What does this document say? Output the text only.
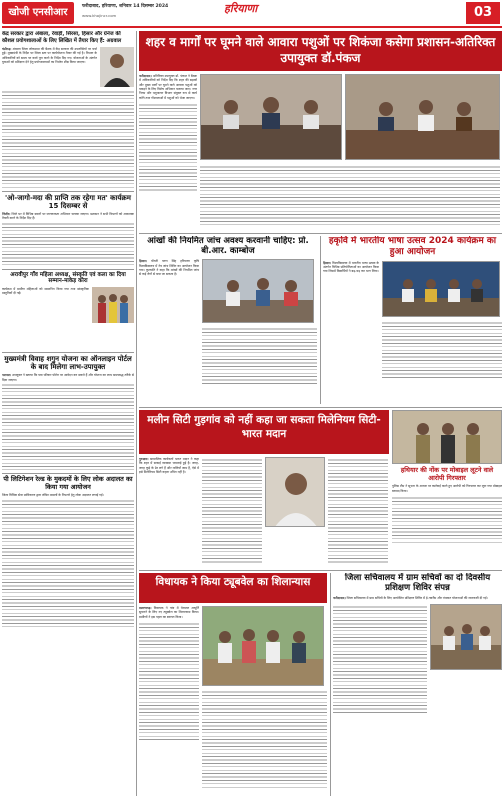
खोजी एनसीआर
फरीदाबाद, हरियाणा, शनिवार 14 दिसम्बर 2024
www.khojincr.com
हरियाणा	03
केंद्र सरकार द्वारा अंबाला, रेवाड़ी, सिरसा, हिसार और ग्रेनेज की कौशल प्रयोगशालाओं के लिए लिखित में तैयार किए हैं: अग्रवाल
चंडीगढ़। अंबाला जिला लोकसभा की बैठक में केंद्र सरकार की उपलब्धियों पर चर्चा हुई। मुख्यमंत्री के निर्देश पर जिला स्तर पर कार्ययोजना तैयार की गई है। विभाग के अधिकारियों को समय पर कार्य पूरा करने के निर्देश दिए गए। योजनाओं के अंतर्गत युवाओं को प्रशिक्षण देने हेतु प्रयोगशालाओं का निर्माण शीघ्र किया जाएगा।
'ओ-जागो-मदा की प्राप्ति तक रहेगा मत' कार्यक्रम 15 दिसम्बर से
पिंजौर। जिले भर में विभिन्न स्थानों पर जागरूकता अभियान चलाया जाएगा। प्रशासन ने सभी विभागों को आवश्यक तैयारी करने के निर्देश दिए हैं।
अरावीपुर गाँव महिला अध्यक्ष, संस्कृति एवं कला का दिया सम्मान-माकेड़ कोरा
कार्यक्रम में ग्रामीण महिलाओं को सम्मानित किया गया तथा सांस्कृतिक प्रस्तुतियाँ दी गईं।
मुख्यमंत्री विवाह शगुन योजना का ऑनलाइन पोर्टल के बाद मिलेगा लाभ-उपायुक्त
पलवल। उपायुक्त ने बताया कि पात्र परिवार पोर्टल पर आवेदन कर सकते हैं और योजना का लाभ समयबद्ध तरीके से दिया जाएगा।
पी लिटिगेशन रेल्ड के मुकदमों के लिए लोक अदालत का किया गया आयोजन
जिला विधिक सेवा प्राधिकरण द्वारा लंबित मामलों के निपटारे हेतु लोक अदालत लगाई गई।
शहर व मार्गों पर घूमने वाले आवारा पशुओं पर शिकंजा कसेगा प्रशासन-अतिरिक्त उपायुक्त डॉ.पंकज
फरीदाबाद। अतिरिक्त उपायुक्त डॉ. पंकज ने बैठक में अधिकारियों को निर्देश दिए कि शहर की सड़कों और मुख्य मार्गों पर घूमने वाले आवारा पशुओं को पकड़ने के लिए विशेष अभियान चलाया जाए। नगर निगम और पशुपालन विभाग संयुक्त रूप से कार्य करेंगे तथा गौशालाओं में पशुओं को भेजा जाएगा।
आंखों की नियमित जांच अवश्य करवानी चाहिए: प्रो. बी.आर. काम्बोज
हिसार। चौधरी चरण सिंह हरियाणा कृषि विश्वविद्यालय में नेत्र जांच शिविर का आयोजन किया गया। कुलपति ने कहा कि आंखों की नियमित जांच से कई रोगों से बचा जा सकता है।
हकृवि में भारतीय भाषा उत्सव 2024 कार्यक्रम का हुआ आयोजन
हिसार। विश्वविद्यालय में भारतीय भाषा उत्सव के अंतर्गत विभिन्न प्रतियोगिताओं का आयोजन किया गया जिसमें विद्यार्थियों ने बढ़-चढ़ कर भाग लिया।
मलीन सिटी गुड़गांव को नहीं कहा जा सकता मिलेनियम सिटी-भारत मदान
हथियार की नोंक पर मोबाइल लूटने वाले आरोपी गिरफ्तार
पुलिस टीम ने सूचना के आधार पर कार्रवाई करते हुए आरोपी को गिरफ्तार कर लूटा गया मोबाइल बरामद किया।
गुरुग्राम। सामाजिक कार्यकर्ता भारत मदान ने कहा कि शहर में सफाई व्यवस्था चरमराई हुई है। जगह-जगह कूड़े के ढेर लगे हैं और नालियाँ जाम हैं, ऐसे में इसे मिलेनियम सिटी कहना उचित नहीं है।
विधायक ने किया ट्यूबवेल का शिलान्यास
बल्लभगढ़। विधायक ने गांव में पेयजल आपूर्ति सुधारने के लिए नए ट्यूबवेल का शिलान्यास किया। ग्रामीणों ने इस पहल का स्वागत किया।
जिला सचिवालय में ग्राम सचिवों का दो दिवसीय प्रशिक्षण शिविर संपन्न
फरीदाबाद। जिला सचिवालय में ग्राम सचिवों के लिए आयोजित प्रशिक्षण शिविर में ई-गवर्नेंस और पंचायत योजनाओं की जानकारी दी गई।
